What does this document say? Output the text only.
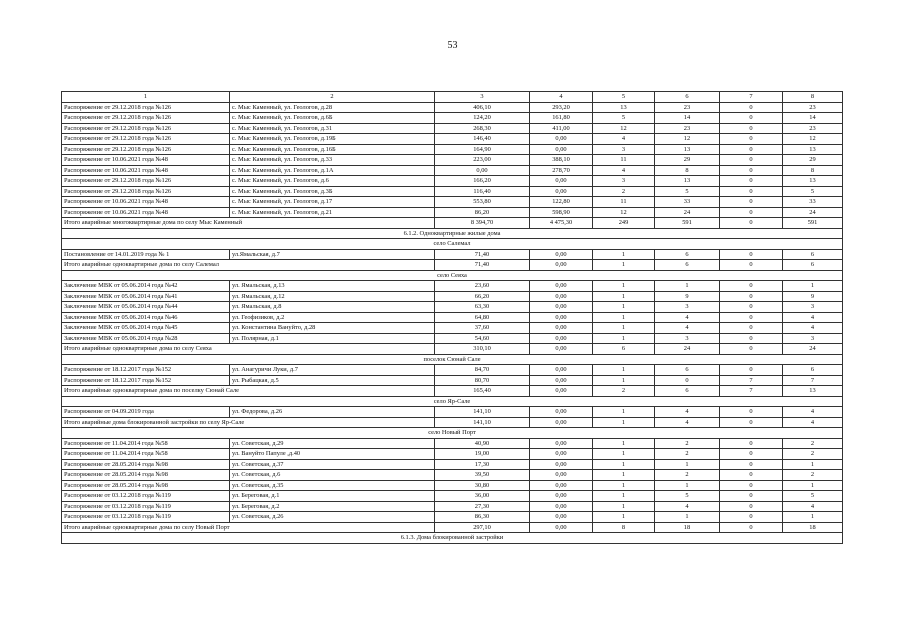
53
1	2	3	4	5	6	7	8
Распоряжение от 29.12.2018 года №126	с. Мыс Каменный, ул. Геологов, д.28	406,10	293,20	13	23	0	23
Распоряжение от 29.12.2018 года №126	с. Мыс Каменный, ул. Геологов, д.6Б	124,20	161,80	5	14	0	14
Распоряжение от 29.12.2018 года №126	с. Мыс Каменный, ул. Геологов, д.31	268,30	411,00	12	23	0	23
Распоряжение от 29.12.2018 года №126	с. Мыс Каменный, ул. Геологов, д.19Б	146,40	0,00	4	12	0	12
Распоряжение от 29.12.2018 года №126	с. Мыс Каменный, ул. Геологов, д.16Б	164,90	0,00	3	13	0	13
Распоряжение от 10.06.2021 года №48	с. Мыс Каменный, ул. Геологов, д.33	223,00	388,10	11	29	0	29
Распоряжение от 10.06.2021 года №48	с. Мыс Каменный, ул. Геологов, д.1А	0,00	278,70	4	8	0	8
Распоряжение от 29.12.2018 года №126	с. Мыс Каменный, ул. Геологов, д.6	166,20	0,00	3	13	0	13
Распоряжение от 29.12.2018 года №126	с. Мыс Каменный, ул. Геологов, д.3Б	116,40	0,00	2	5	0	5
Распоряжение от 10.06.2021 года №48	с. Мыс Каменный, ул. Геологов, д.17	553,80	122,80	11	33	0	33
Распоряжение от 10.06.2021 года №48	с. Мыс Каменный, ул. Геологов, д.21	86,20	598,90	12	24	0	24
Итого аварийные многоквартирные дома по селу Мыс Каменный		8 394,70	4 475,30	249	591	0	591
6.1.2. Одноквартирные жилые дома							
село Салемал							
Постановление от 14.01.2019 года № 1	ул.Ямальская, д.7	71,40	0,00	1	6	0	6
Итого аварийные одноквартирные дома по селу Салемал		71,40	0,00	1	6	0	6
село Сеяха							
Заключение МВК от 05.06.2014 года №42	ул. Ямальская, д.13	23,60	0,00	1	1	0	1
Заключение МВК от 05.06.2014 года №41	ул. Ямальская, д.12	66,20	0,00	1	9	0	9
Заключение МВК от 05.06.2014 года №44	ул. Ямальская, д.8	63,30	0,00	1	3	0	3
Заключение МВК от 05.06.2014 года №46	ул. Геофизиков, д.2	64,80	0,00	1	4	0	4
Заключение МВК от 05.06.2014 года №45	ул. Константина Вануйто, д.28	37,60	0,00	1	4	0	4
Заключение МВК от 05.06.2014 года №28	ул. Полярная, д.1	54,60	0,00	1	3	0	3
Итого аварийные одноквартирные дома по селу Сеяха		310,10	0,00	6	24	0	24
поселок Сюнай Сале							
Распоряжение от 18.12.2017 года №152	ул. Анагуричи Луки, д.7	84,70	0,00	1	6	0	6
Распоряжение от 18.12.2017 года №152	ул. Рыбацкая, д.5	80,70	0,00	1	0	7	7
Итого аварийные одноквартирные дома по поселку Сюнай Сале		165,40	0,00	2	6	7	13
село Яр-Сале							
Распоряжение от 04.09.2019 года	ул. Федорова, д.26	141,10	0,00	1	4	0	4
Итого аварийные дома блокированной застройки по селу Яр-Сале		141,10	0,00	1	4	0	4
село Новый Порт							
Распоряжение от 11.04.2014 года №58	ул. Советская, д.29	40,90	0,00	1	2	0	2
Распоряжение от 11.04.2014 года №58	ул. Вануйто Папуле ,д.40	19,00	0,00	1	2	0	2
Распоряжение от 28.05.2014 года №98	ул. Советская, д.37	17,30	0,00	1	1	0	1
Распоряжение от 28.05.2014 года №98	ул. Советская, д.6	39,50	0,00	1	2	0	2
Распоряжение от 28.05.2014 года №98	ул. Советская, д.35	30,80	0,00	1	1	0	1
Распоряжение от 03.12.2018 года №119	ул. Береговая, д.1	36,00	0,00	1	5	0	5
Распоряжение от 03.12.2018 года №119	ул. Береговая, д.2	27,30	0,00	1	4	0	4
Распоряжение от 03.12.2018 года №119	ул. Советская, д.26	86,30	0,00	1	1	0	1
Итого аварийные одноквартирные дома по селу Новый Порт		297,10	0,00	8	18	0	18
6.1.3. Дома блокированной застройки							
